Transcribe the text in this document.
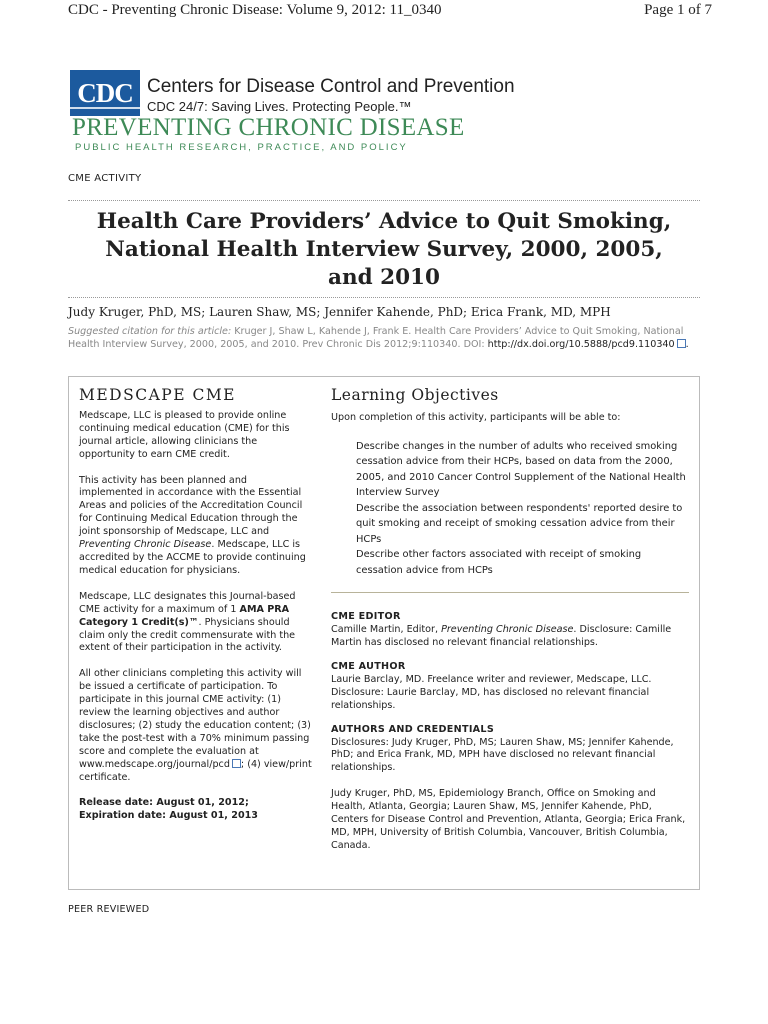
CDC - Preventing Chronic Disease: Volume 9, 2012: 11_0340	Page 1 of 7
CDC Centers for Disease Control and Prevention
CDC 24/7: Saving Lives. Protecting People.™
PREVENTING CHRONIC DISEASE
PUBLIC HEALTH RESEARCH, PRACTICE, AND POLICY
CME ACTIVITY
Health Care Providers’ Advice to Quit Smoking, National Health Interview Survey, 2000, 2005, and 2010
Judy Kruger, PhD, MS; Lauren Shaw, MS; Jennifer Kahende, PhD; Erica Frank, MD, MPH
Suggested citation for this article: Kruger J, Shaw L, Kahende J, Frank E. Health Care Providers’ Advice to Quit Smoking, National Health Interview Survey, 2000, 2005, and 2010. Prev Chronic Dis 2012;9:110340. DOI: http://dx.doi.org/10.5888/pcd9.110340 .
MEDSCAPE CME

Medscape, LLC is pleased to provide online continuing medical education (CME) for this journal article, allowing clinicians the opportunity to earn CME credit.

This activity has been planned and implemented in accordance with the Essential Areas and policies of the Accreditation Council for Continuing Medical Education through the joint sponsorship of Medscape, LLC and Preventing Chronic Disease. Medscape, LLC is accredited by the ACCME to provide continuing medical education for physicians.

Medscape, LLC designates this Journal-based CME activity for a maximum of 1 AMA PRA Category 1 Credit(s)™. Physicians should claim only the credit commensurate with the extent of their participation in the activity.

All other clinicians completing this activity will be issued a certificate of participation. To participate in this journal CME activity: (1) review the learning objectives and author disclosures; (2) study the education content; (3) take the post-test with a 70% minimum passing score and complete the evaluation at www.medscape.org/journal/pcd ; (4) view/print certificate.

Release date: August 01, 2012;
Expiration date: August 01, 2013
Learning Objectives
Upon completion of this activity, participants will be able to:
Describe changes in the number of adults who received smoking cessation advice from their HCPs, based on data from the 2000, 2005, and 2010 Cancer Control Supplement of the National Health Interview Survey
Describe the association between respondents' reported desire to quit smoking and receipt of smoking cessation advice from their HCPs
Describe other factors associated with receipt of smoking cessation advice from HCPs
CME EDITOR
Camille Martin, Editor, Preventing Chronic Disease. Disclosure: Camille Martin has disclosed no relevant financial relationships.
CME AUTHOR
Laurie Barclay, MD. Freelance writer and reviewer, Medscape, LLC. Disclosure: Laurie Barclay, MD, has disclosed no relevant financial relationships.
AUTHORS AND CREDENTIALS

Disclosures: Judy Kruger, PhD, MS; Lauren Shaw, MS; Jennifer Kahende, PhD; and Erica Frank, MD, MPH have disclosed no relevant financial relationships.

Judy Kruger, PhD, MS, Epidemiology Branch, Office on Smoking and Health, Atlanta, Georgia; Lauren Shaw, MS, Jennifer Kahende, PhD, Centers for Disease Control and Prevention, Atlanta, Georgia; Erica Frank, MD, MPH, University of British Columbia, Vancouver, British Columbia, Canada.

PEER REVIEWED
